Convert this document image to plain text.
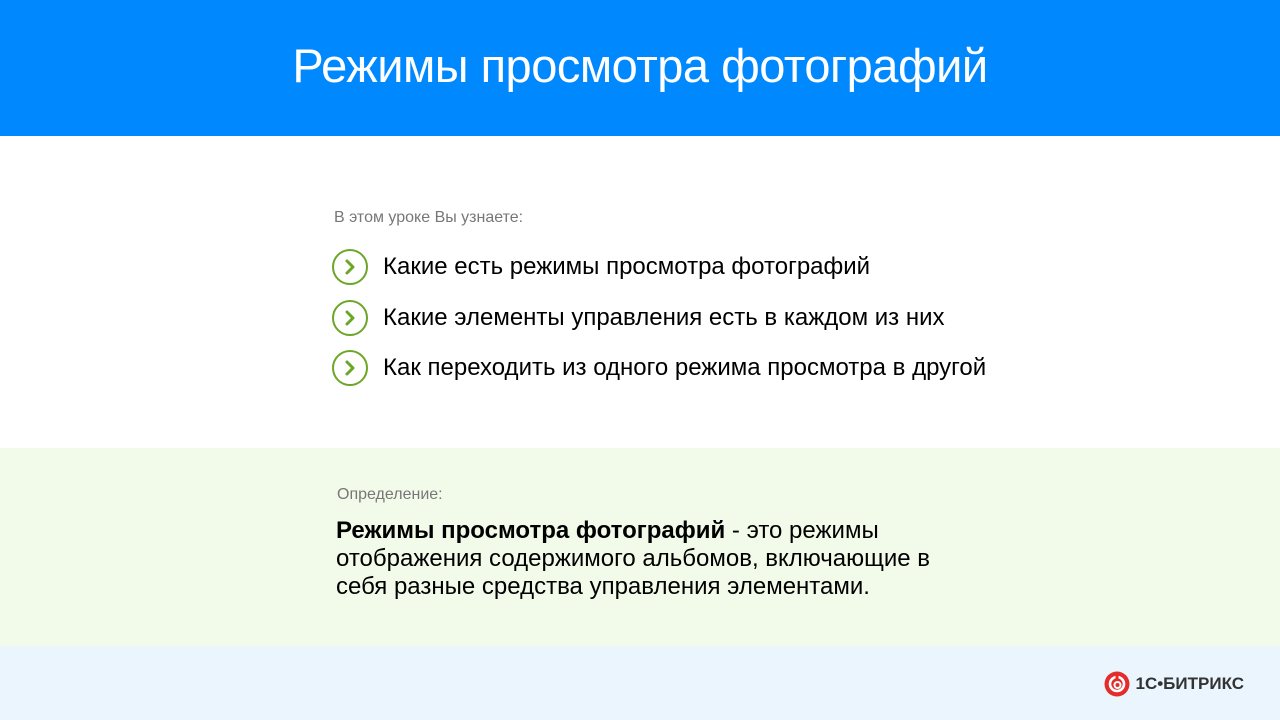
Режимы просмотра фотографий
В этом уроке Вы узнаете:
Какие есть режимы просмотра фотографий
Какие элементы управления есть в каждом из них
Как переходить из одного режима просмотра в другой
Определение:
Режимы просмотра фотографий - это режимы отображения содержимого альбомов, включающие в себя разные средства управления элементами.
1С•БИТРИКС
